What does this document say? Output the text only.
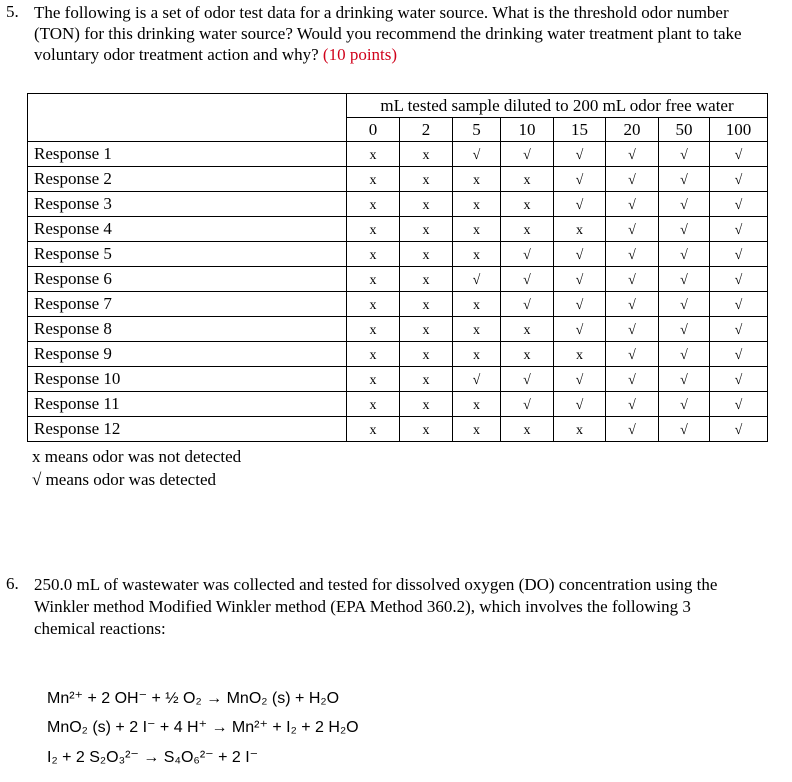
5. The following is a set of odor test data for a drinking water source. What is the threshold odor number (TON) for this drinking water source? Would you recommend the drinking water treatment plant to take voluntary odor treatment action and why? (10 points)
	mL tested sample diluted to 200 mL odor free water							
	0	2	5	10	15	20	50	100
Response 1	x	x	√	√	√	√	√	√
Response 2	x	x	x	x	√	√	√	√
Response 3	x	x	x	x	√	√	√	√
Response 4	x	x	x	x	x	√	√	√
Response 5	x	x	x	√	√	√	√	√
Response 6	x	x	√	√	√	√	√	√
Response 7	x	x	x	√	√	√	√	√
Response 8	x	x	x	x	√	√	√	√
Response 9	x	x	x	x	x	√	√	√
Response 10	x	x	√	√	√	√	√	√
Response 11	x	x	x	√	√	√	√	√
Response 12	x	x	x	x	x	√	√	√
x means odor was not detected
√ means odor was detected
6. 250.0 mL of wastewater was collected and tested for dissolved oxygen (DO) concentration using the Winkler method Modified Winkler method (EPA Method 360.2), which involves the following 3 chemical reactions:
Mn²⁺ + 2 OH⁻ + ½ O₂ → MnO₂ (s) + H₂O
MnO₂ (s) + 2 I⁻ + 4 H⁺ → Mn²⁺ + I₂ + 2 H₂O
I₂ + 2 S₂O₃²⁻ → S₄O₆²⁻ + 2 I⁻
